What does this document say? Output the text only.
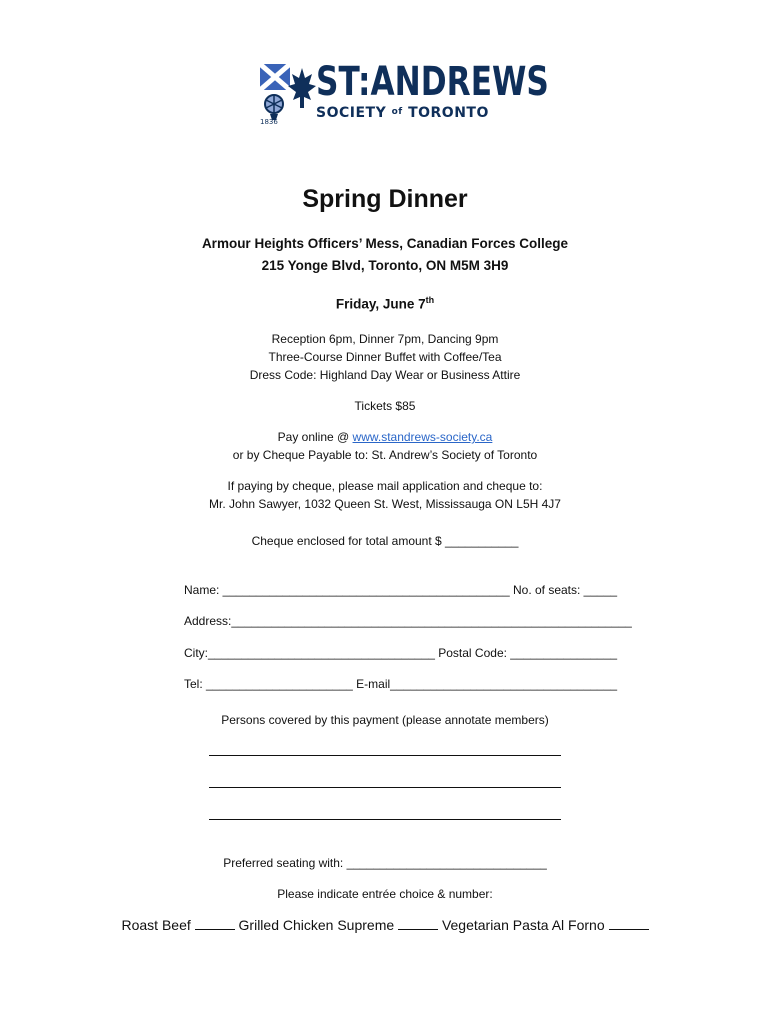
1836
ST:ANDREWS
SOCIETY $^{of}$ TORONTO
Spring Dinner
Armour Heights Officers’ Mess, Canadian Forces College
215 Yonge Blvd, Toronto, ON M5M 3H9
Friday, June 7th
Reception 6pm, Dinner 7pm, Dancing 9pm
Three-Course Dinner Buffet with Coffee/Tea
Dress Code: Highland Day Wear or Business Attire
Tickets $85
Pay online @ www.standrews-society.ca
or by Cheque Payable to: St. Andrew’s Society of Toronto
If paying by cheque, please mail application and cheque to:
Mr. John Sawyer, 1032 Queen St. West, Mississauga ON L5H 4J7
Cheque enclosed for total amount $ ___________
Name: ___________________________________________ No. of seats: _____
Address:____________________________________________________________
City:__________________________________ Postal Code: ________________
Tel: ______________________ E-mail__________________________________
Persons covered by this payment (please annotate members)
Preferred seating with: ______________________________
Please indicate entrée choice & number:
Roast Beef	Grilled Chicken Supreme	Vegetarian Pasta Al Forno
